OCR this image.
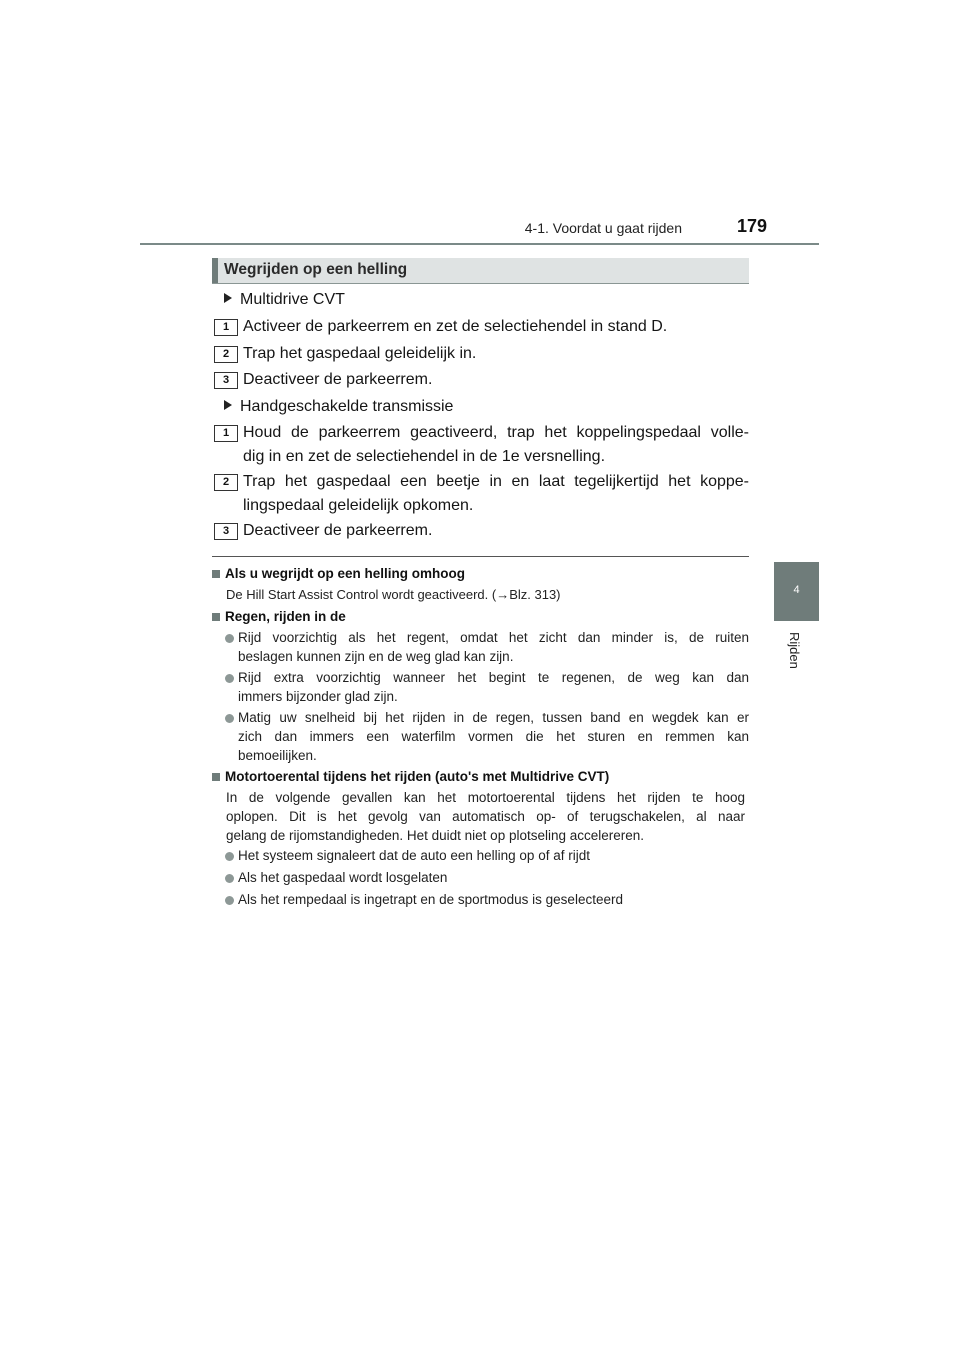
4-1. Voordat u gaat rijden	179
4
Rijden
Wegrijden op een helling
Multidrive CVT
1 Activeer de parkeerrem en zet de selectiehendel in stand D.
2 Trap het gaspedaal geleidelijk in.
3 Deactiveer de parkeerrem.
Handgeschakelde transmissie
1 Houd de parkeerrem geactiveerd, trap het koppelingspedaal volle-
dig in en zet de selectiehendel in de 1e versnelling.
2 Trap het gaspedaal een beetje in en laat tegelijkertijd het koppe-
lingspedaal geleidelijk opkomen.
3 Deactiveer de parkeerrem.
Als u wegrijdt op een helling omhoog
De Hill Start Assist Control wordt geactiveerd. (→Blz. 313)
Regen, rijden in de
Rijd voorzichtig als het regent, omdat het zicht dan minder is, de ruiten
beslagen kunnen zijn en de weg glad kan zijn.
Rijd extra voorzichtig wanneer het begint te regenen, de weg kan dan
immers bijzonder glad zijn.
Matig uw snelheid bij het rijden in de regen, tussen band en wegdek kan er
zich dan immers een waterfilm vormen die het sturen en remmen kan
bemoeilijken.
Motortoerental tijdens het rijden (auto's met Multidrive CVT)
In de volgende gevallen kan het motortoerental tijdens het rijden te hoog
oplopen. Dit is het gevolg van automatisch op- of terugschakelen, al naar
gelang de rijomstandigheden. Het duidt niet op plotseling accelereren.
Het systeem signaleert dat de auto een helling op of af rijdt
Als het gaspedaal wordt losgelaten
Als het rempedaal is ingetrapt en de sportmodus is geselecteerd
